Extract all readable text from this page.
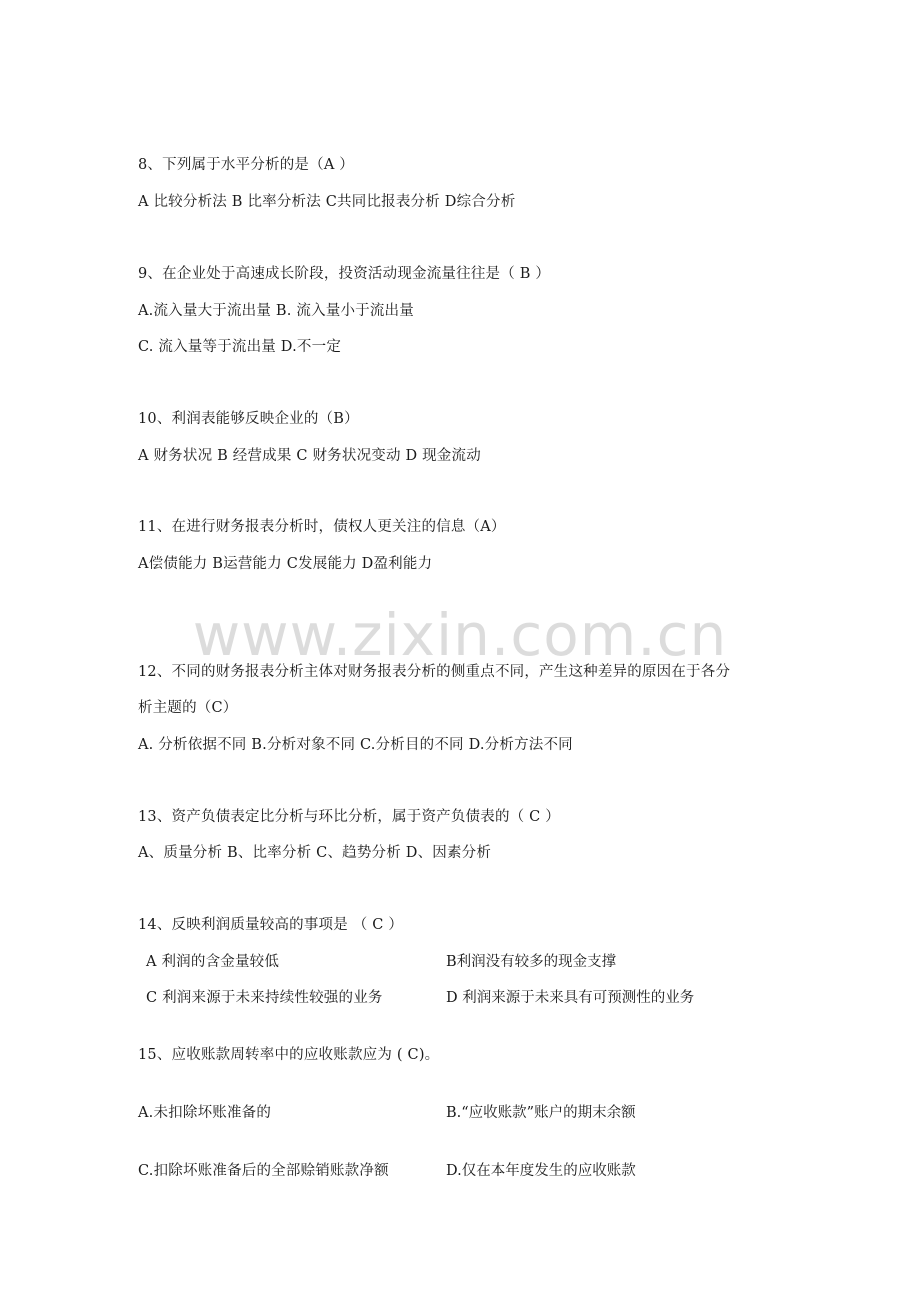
www.zixin.com.cn
8、下列属于水平分析的是（A ）
A 比较分析法 B 比率分析法 C共同比报表分析 D综合分析
9、在企业处于高速成长阶段，投资活动现金流量往往是（ B ）
A.流入量大于流出量 B. 流入量小于流出量
C. 流入量等于流出量 D.不一定
10、利润表能够反映企业的（B）
A 财务状况 B 经营成果 C 财务状况变动 D 现金流动
11、在进行财务报表分析时，债权人更关注的信息（A）
A偿债能力 B运营能力 C发展能力 D盈利能力
12、不同的财务报表分析主体对财务报表分析的侧重点不同，产生这种差异的原因在于各分
析主题的（C）
A. 分析依据不同 B.分析对象不同 C.分析目的不同 D.分析方法不同
13、资产负债表定比分析与环比分析，属于资产负债表的（ C ）
A、质量分析 B、比率分析 C、趋势分析 D、因素分析
14、反映利润质量较高的事项是 （ C ）
A 利润的含金量较低	B利润没有较多的现金支撑
C 利润来源于未来持续性较强的业务	D 利润来源于未来具有可预测性的业务
15、应收账款周转率中的应收账款应为 ( C)。
A.未扣除坏账准备的	B.“应收账款”账户的期末余额
C.扣除坏账准备后的全部赊销账款净额	D.仅在本年度发生的应收账款
